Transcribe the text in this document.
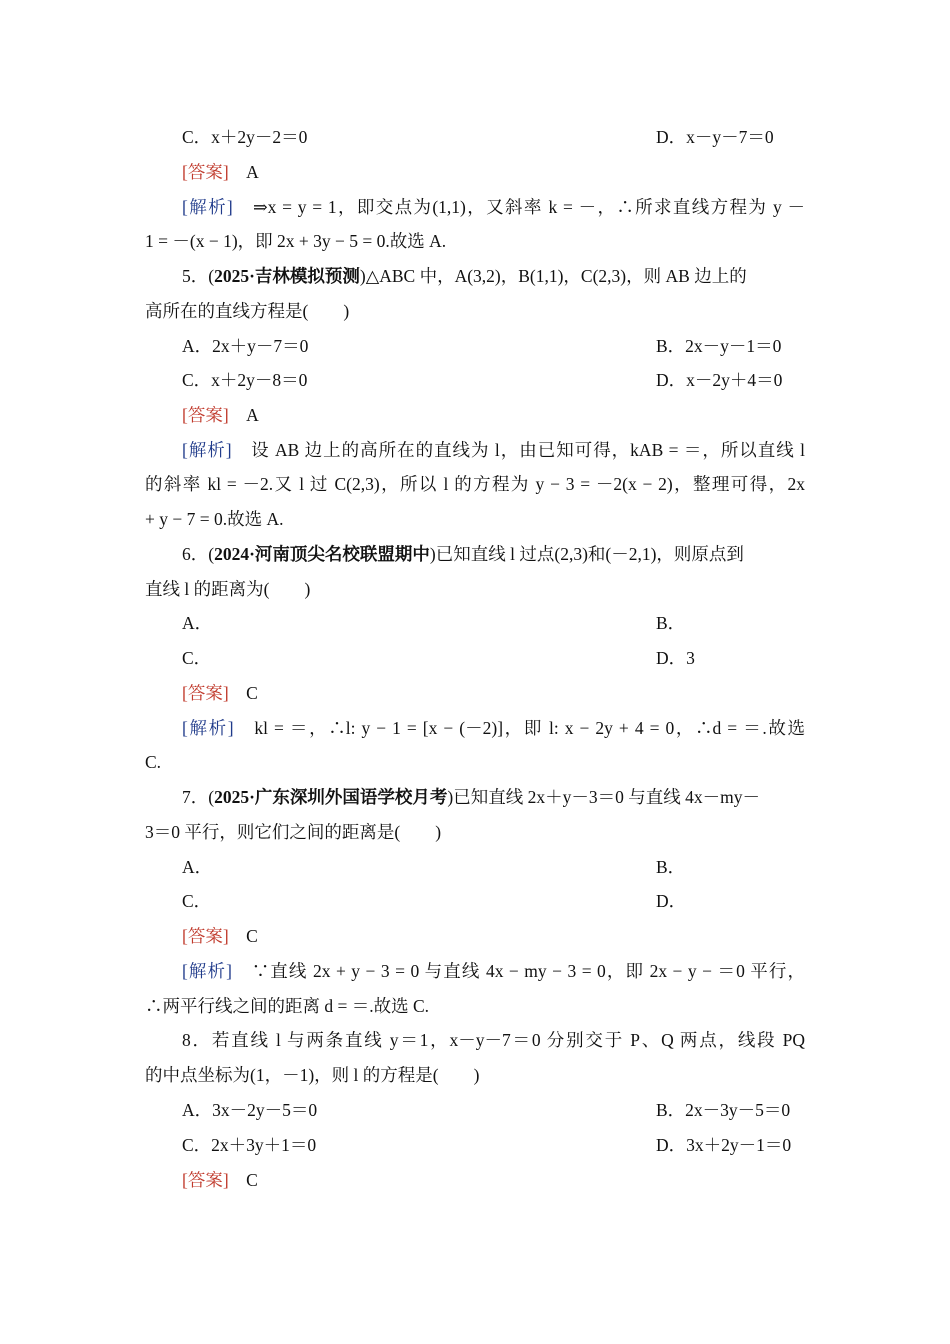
C．x＋2y－2＝0	D．x－y－7＝0
[答案]　 A
[解析]　 ⇒x = y = 1，即交点为(1,1)，又斜率 k = －，∴所求直线方程为 y －
1 = －(x − 1)，即 2x + 3y − 5 = 0.故选 A.
5．(2025·吉林模拟预测)△ABC 中，A(3,2)，B(1,1)，C(2,3)，则 AB 边上的
高所在的直线方程是(　　)
A．2x＋y－7＝0	B．2x－y－1＝0
C．x＋2y－8＝0	D．x－2y＋4＝0
[答案]　 A
[解析]　 设 AB 边上的高所在的直线为 l，由已知可得，kAB = ＝，所以直线 l
的斜率 kl = －2.又 l 过 C(2,3)，所以 l 的方程为 y − 3 = －2(x − 2)，整理可得，2x
+ y − 7 = 0.故选 A.
6．(2024·河南顶尖名校联盟期中)已知直线 l 过点(2,3)和(－2,1)，则原点到
直线 l 的距离为(　　)
A．	B．
C．	D．3
[答案]　 C
[解析]　 kl = ＝，∴l: y − 1 = [x − (－2)]，即 l: x − 2y + 4 = 0，∴d = ＝.故选
C.
7．(2025·广东深圳外国语学校月考)已知直线 2x＋y－3＝0 与直线 4x－my－
3＝0 平行，则它们之间的距离是(　　)
A．	B．
C．	D．
[答案]　 C
[解析]　 ∵直线 2x + y − 3 = 0 与直线 4x − my − 3 = 0，即 2x − y − ＝0 平行，
∴两平行线之间的距离 d = ＝.故选 C.
8．若直线 l 与两条直线 y＝1，x－y－7＝0 分别交于 P、Q 两点，线段 PQ
的中点坐标为(1，－1)，则 l 的方程是(　　)
A．3x－2y－5＝0	B．2x－3y－5＝0
C．2x＋3y＋1＝0	D．3x＋2y－1＝0
[答案]　 C
